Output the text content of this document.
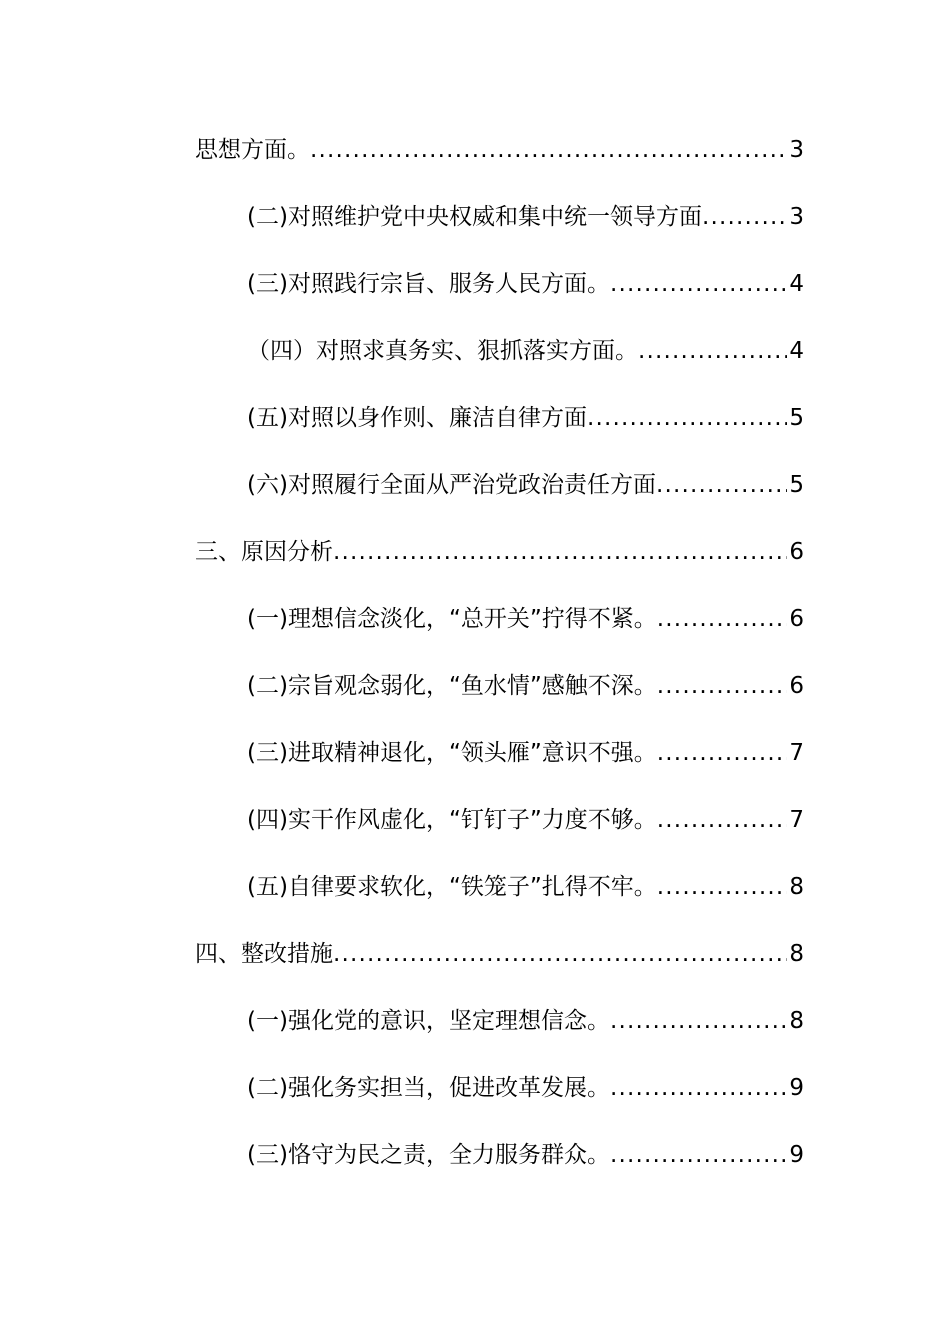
思想方面。 .....	3
(二)对照维护党中央权威和集中统一领导方面 .....	3
(三)对照践行宗旨、服务人民方面。 .....	4
（四）对照求真务实、狠抓落实方面。 .....	4
(五)对照以身作则、廉洁自律方面 .....	5
(六)对照履行全面从严治党政治责任方面 .....	5
三、原因分析 .....	6
(一)理想信念淡化，“总开关”拧得不紧。 .....	6
(二)宗旨观念弱化，“鱼水情”感触不深。 .....	6
(三)进取精神退化，“领头雁”意识不强。 .....	7
(四)实干作风虚化，“钉钉子”力度不够。 .....	7
(五)自律要求软化，“铁笼子”扎得不牢。 .....	8
四、整改措施 .....	8
(一)强化党的意识，坚定理想信念。 .....	8
(二)强化务实担当，促进改革发展。 .....	9
(三)恪守为民之责，全力服务群众。 .....	9
